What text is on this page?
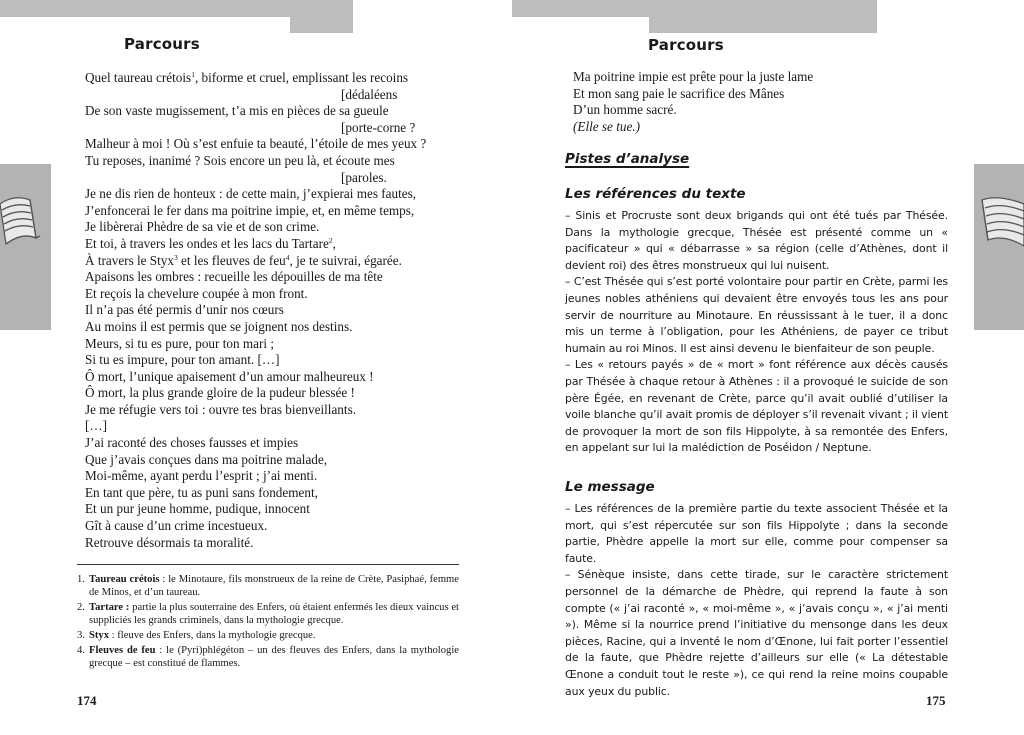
Parcours
Quel taureau crétois$^1$, biforme et cruel, emplissant les recoins
[dédaléens
De son vaste mugissement, t’a mis en pièces de sa gueule
[porte-corne ?
Malheur à moi ! Où s’est enfuie ta beauté, l’étoile de mes yeux ?
Tu reposes, inanimé ? Sois encore un peu là, et écoute mes
[paroles.
Je ne dis rien de honteux : de cette main, j’expierai mes fautes,
J’enfoncerai le fer dans ma poitrine impie, et, en même temps,
Je libèrerai Phèdre de sa vie et de son crime.
Et toi, à travers les ondes et les lacs du Tartare$^2$,
À travers le Styx$^3$ et les fleuves de feu$^4$, je te suivrai, égarée.
Apaisons les ombres : recueille les dépouilles de ma tête
Et reçois la chevelure coupée à mon front.
Il n’a pas été permis d’unir nos cœurs
Au moins il est permis que se joignent nos destins.
Meurs, si tu es pure, pour ton mari ;
Si tu es impure, pour ton amant. […]
Ô mort, l’unique apaisement d’un amour malheureux !
Ô mort, la plus grande gloire de la pudeur blessée !
Je me réfugie vers toi : ouvre tes bras bienveillants.
[…]
J’ai raconté des choses fausses et impies
Que j’avais conçues dans ma poitrine malade,
Moi-même, ayant perdu l’esprit ; j’ai menti.
En tant que père, tu as puni sans fondement,
Et un pur jeune homme, pudique, innocent
Gît à cause d’un crime incestueux.
Retrouve désormais ta moralité.
1. Taureau crétois : le Minotaure, fils monstrueux de la reine de Crète, Pasiphaé, femme de Minos, et d’un taureau.
2. Tartare : partie la plus souterraine des Enfers, où étaient enfermés les dieux vaincus et suppliciés les grands criminels, dans la mythologie grecque.
3. Styx : fleuve des Enfers, dans la mythologie grecque.
4. Fleuves de feu : le (Pyri)phlégéton – un des fleuves des Enfers, dans la mythologie grecque – est constitué de flammes.
174
Parcours
Ma poitrine impie est prête pour la juste lame
Et mon sang paie le sacrifice des Mânes
D’un homme sacré.
(Elle se tue.)
Pistes d’analyse
Les références du texte

– Sinis et Procruste sont deux brigands qui ont été tués par Thésée. Dans la mythologie grecque, Thésée est présenté comme un « pacificateur » qui « débarrasse » sa région (celle d’Athènes, dont il devient roi) des êtres monstrueux qui lui nuisent.

– C’est Thésée qui s’est porté volontaire pour partir en Crète, parmi les jeunes nobles athéniens qui devaient être envoyés tous les ans pour servir de nourriture au Minotaure. En réussissant à le tuer, il a donc mis un terme à l’obligation, pour les Athéniens, de payer ce tribut humain au roi Minos. Il est ainsi devenu le bienfaiteur de son peuple.

– Les « retours payés » de « mort » font référence aux décès causés par Thésée à chaque retour à Athènes : il a provoqué le suicide de son père Égée, en revenant de Crète, parce qu’il avait oublié d’utiliser la voile blanche qu’il avait promis de déployer s’il revenait vivant ; il vient de provoquer la mort de son fils Hippolyte, à sa remontée des Enfers, en appelant sur lui la malédiction de Poséidon / Neptune.

Le message

– Les références de la première partie du texte associent Thésée et la mort, qui s’est répercutée sur son fils Hippolyte ; dans la seconde partie, Phèdre appelle la mort sur elle, comme pour compenser sa faute.

– Sénèque insiste, dans cette tirade, sur le caractère strictement personnel de la démarche de Phèdre, qui reprend la faute à son compte (« j’ai raconté », « moi-même », « j’avais conçu », « j’ai menti »). Même si la nourrice prend l’initiative du mensonge dans les deux pièces, Racine, qui a inventé le nom d’Œnone, lui fait porter l’essentiel de la faute, que Phèdre rejette d’ailleurs sur elle (« La détestable Œnone a conduit tout le reste »), ce qui rend la reine moins coupable aux yeux du public.

175
